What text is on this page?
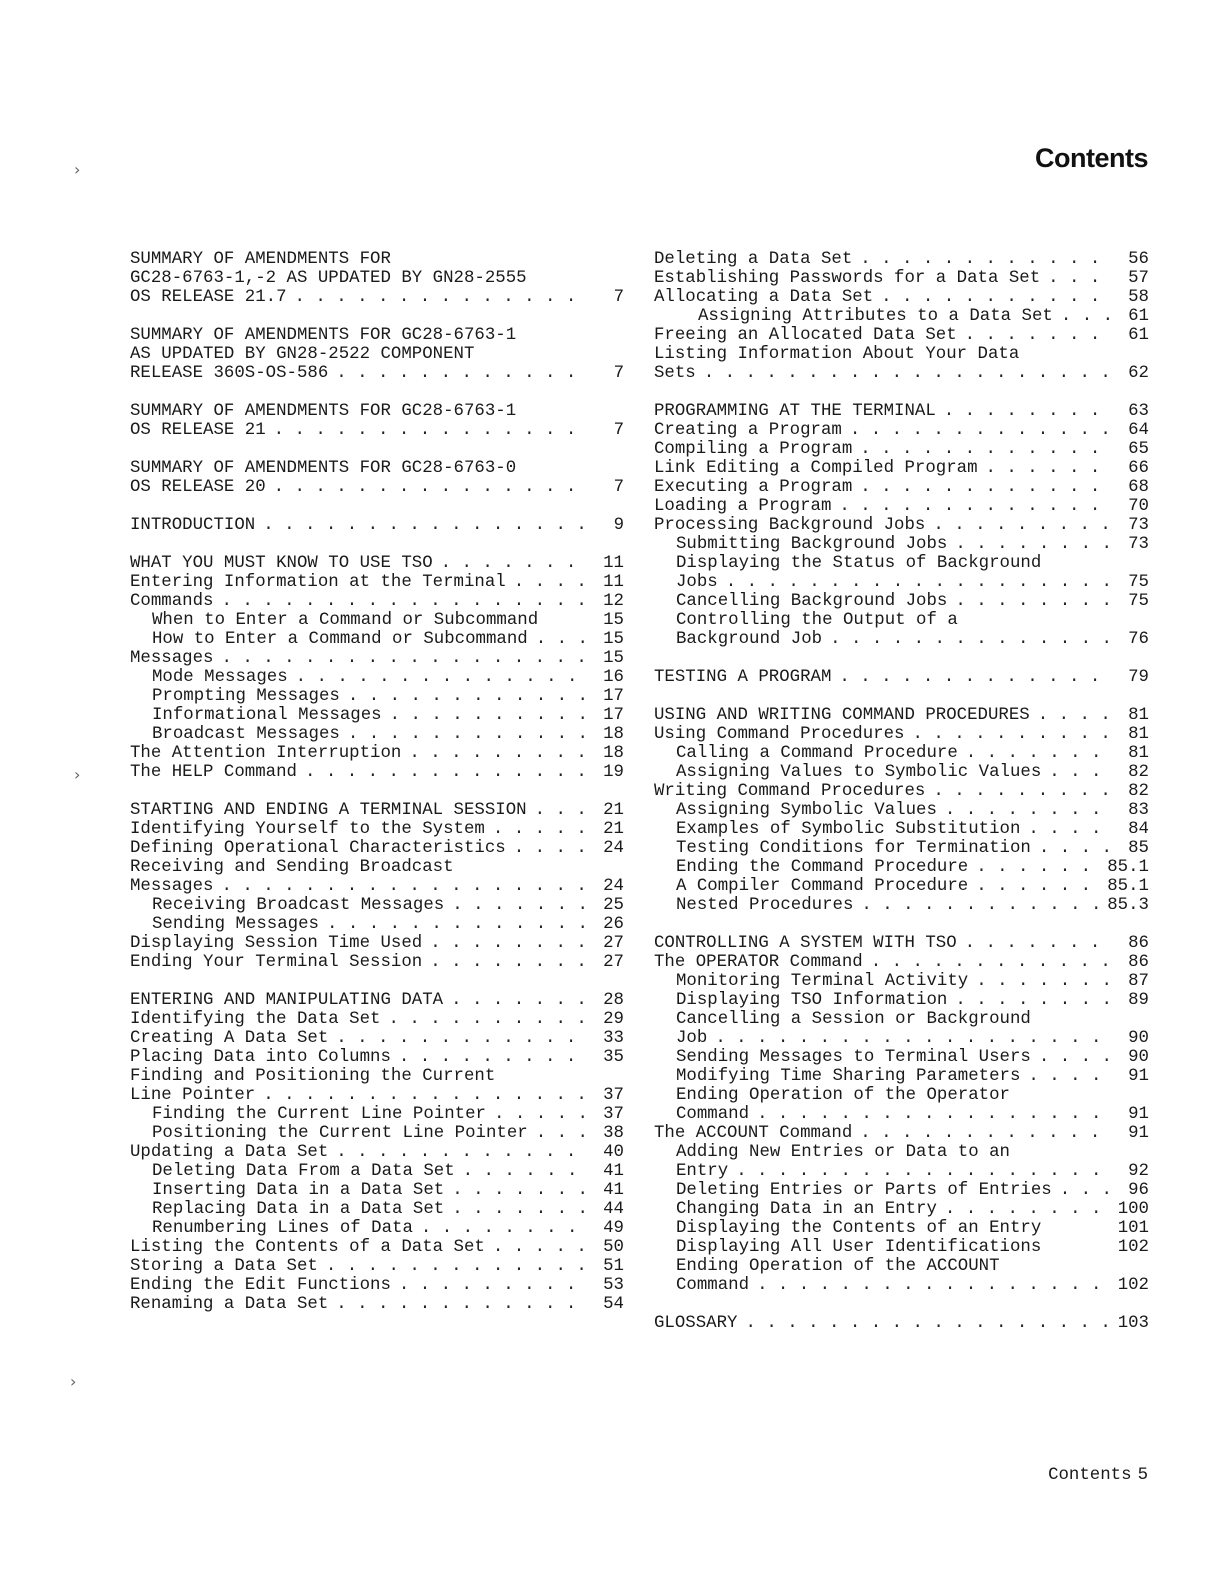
Contents
SUMMARY OF AMENDMENTS FOR
GC28-6763-1,-2 AS UPDATED BY GN28-2555
OS RELEASE 21.7 . . .	7
SUMMARY OF AMENDMENTS FOR GC28-6763-1
AS UPDATED BY GN28-2522 COMPONENT
RELEASE 360S-OS-586 . . .	7
SUMMARY OF AMENDMENTS FOR GC28-6763-1
OS RELEASE 21 . . .	7
SUMMARY OF AMENDMENTS FOR GC28-6763-0
OS RELEASE 20 . . .	7
INTRODUCTION . . .	9
WHAT YOU MUST KNOW TO USE TSO . . .	11
Entering Information at the Terminal . . .	11
Commands . . .	12
When to Enter a Command or Subcommand	15
How to Enter a Command or Subcommand . . .	15
Messages . . .	15
Mode Messages . . .	16
Prompting Messages . . .	17
Informational Messages . . .	17
Broadcast Messages . . .	18
The Attention Interruption . . .	18
The HELP Command . . .	19
STARTING AND ENDING A TERMINAL SESSION . . .	21
Identifying Yourself to the System . . .	21
Defining Operational Characteristics . . .	24
Receiving and Sending Broadcast
Messages . . .	24
Receiving Broadcast Messages . . .	25
Sending Messages . . .	26
Displaying Session Time Used . . .	27
Ending Your Terminal Session . . .	27
ENTERING AND MANIPULATING DATA . . .	28
Identifying the Data Set . . .	29
Creating A Data Set . . .	33
Placing Data into Columns . . .	35
Finding and Positioning the Current
Line Pointer . . .	37
Finding the Current Line Pointer . . .	37
Positioning the Current Line Pointer . . .	38
Updating a Data Set . . .	40
Deleting Data From a Data Set . . .	41
Inserting Data in a Data Set . . .	41
Replacing Data in a Data Set . . .	44
Renumbering Lines of Data . . .	49
Listing the Contents of a Data Set . . .	50
Storing a Data Set . . .	51
Ending the Edit Functions . . .	53
Renaming a Data Set . . .	54
Deleting a Data Set . . .	56
Establishing Passwords for a Data Set . . .	57
Allocating a Data Set . . .	58
Assigning Attributes to a Data Set . . .	61
Freeing an Allocated Data Set . . .	61
Listing Information About Your Data
Sets . . .	62
PROGRAMMING AT THE TERMINAL . . .	63
Creating a Program . . .	64
Compiling a Program . . .	65
Link Editing a Compiled Program . . .	66
Executing a Program . . .	68
Loading a Program . . .	70
Processing Background Jobs . . .	73
Submitting Background Jobs . . .	73
Displaying the Status of Background
Jobs . . .	75
Cancelling Background Jobs . . .	75
Controlling the Output of a
Background Job . . .	76
TESTING A PROGRAM . . .	79
USING AND WRITING COMMAND PROCEDURES . . .	81
Using Command Procedures . . .	81
Calling a Command Procedure . . .	81
Assigning Values to Symbolic Values . . .	82
Writing Command Procedures . . .	82
Assigning Symbolic Values . . .	83
Examples of Symbolic Substitution . . .	84
Testing Conditions for Termination . . .	85
Ending the Command Procedure . . .	85.1
A Compiler Command Procedure . . .	85.1
Nested Procedures . . .	85.3
CONTROLLING A SYSTEM WITH TSO . . .	86
The OPERATOR Command . . .	86
Monitoring Terminal Activity . . .	87
Displaying TSO Information . . .	89
Cancelling a Session or Background
Job . . .	90
Sending Messages to Terminal Users . . .	90
Modifying Time Sharing Parameters . . .	91
Ending Operation of the Operator
Command . . .	91
The ACCOUNT Command . . .	91
Adding New Entries or Data to an
Entry . . .	92
Deleting Entries or Parts of Entries . . .	96
Changing Data in an Entry . . .	100
Displaying the Contents of an Entry	101
Displaying All User Identifications	102
Ending Operation of the ACCOUNT
Command . . .	102
GLOSSARY . . .	103
Contents 5
›
›
›
